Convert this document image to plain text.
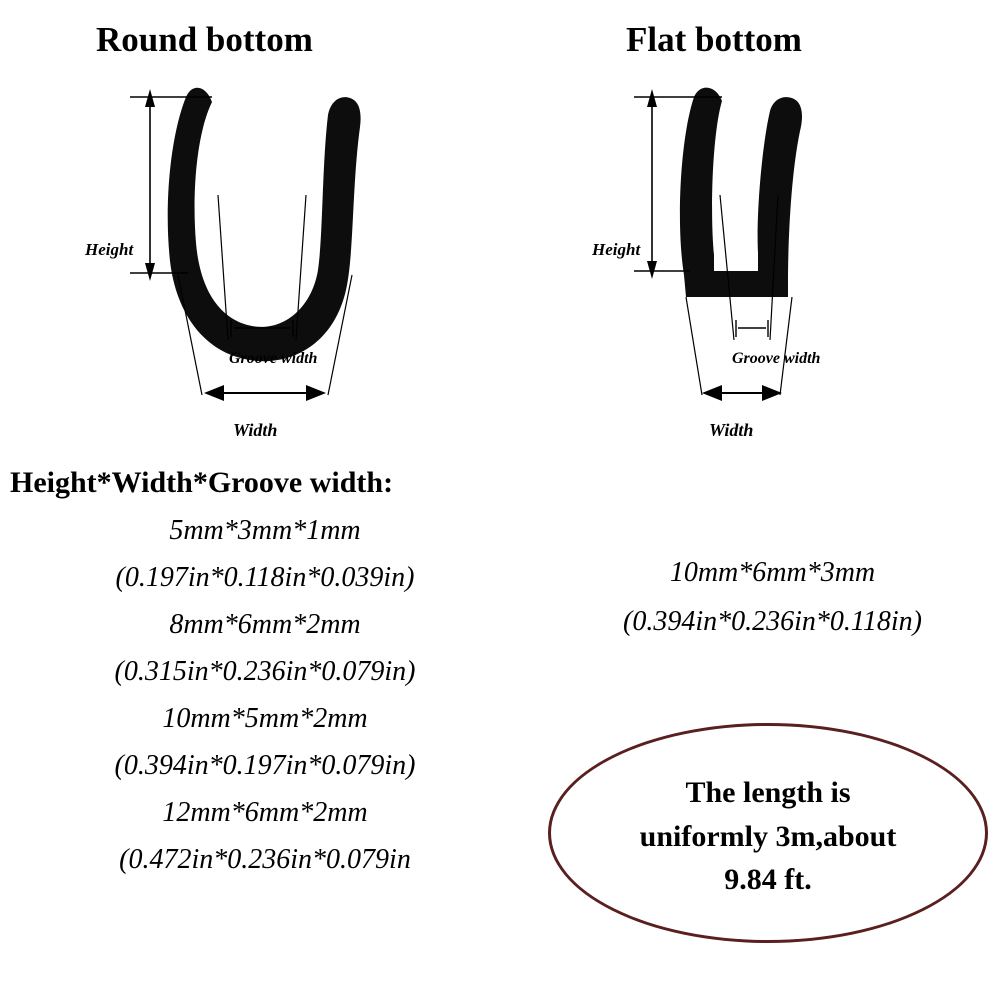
Round bottom
Height
Groove width
Width
Flat bottom
Height
Groove width
Width
Height*Width*Groove width:
5mm*3mm*1mm
(0.197in*0.118in*0.039in)
8mm*6mm*2mm
(0.315in*0.236in*0.079in)
10mm*5mm*2mm
(0.394in*0.197in*0.079in)
12mm*6mm*2mm
(0.472in*0.236in*0.079in
10mm*6mm*3mm
(0.394in*0.236in*0.118in)
The length is
uniformly 3m,about
9.84 ft.
